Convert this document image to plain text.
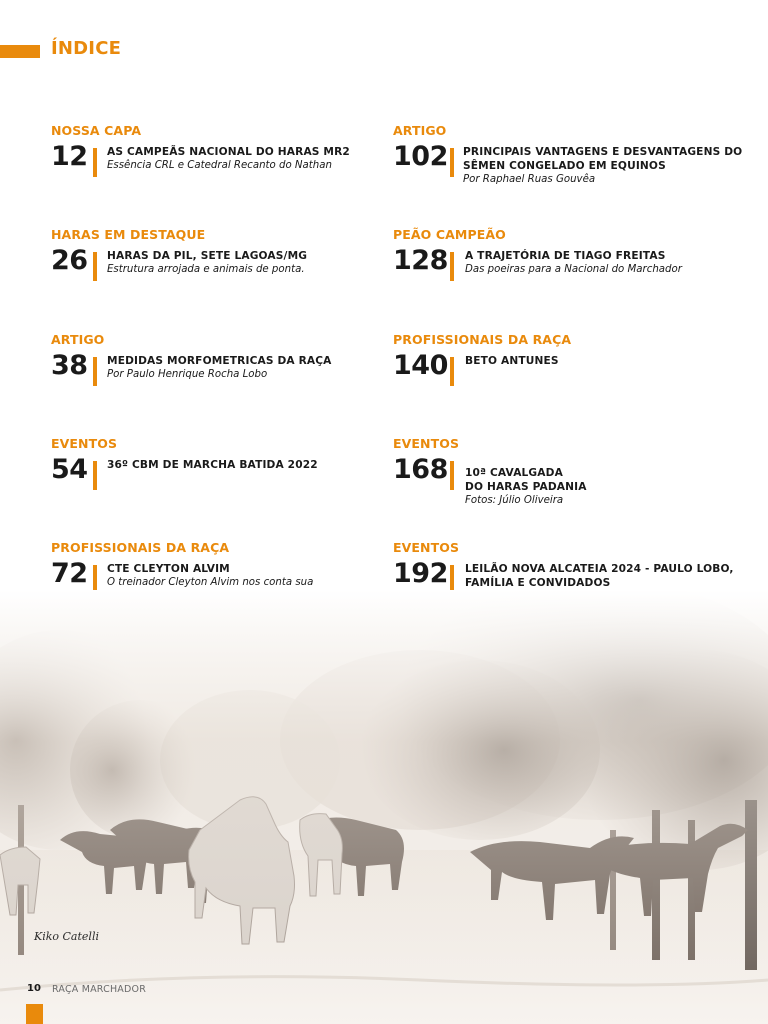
ÍNDICE
NOSSA CAPA
12 AS CAMPEÃS NACIONAL DO HARAS MR2
Essência CRL e Catedral Recanto do Nathan
HARAS EM DESTAQUE
26 HARAS DA PIL, SETE LAGOAS/MG
Estrutura arrojada e animais de ponta.
ARTIGO
38 MEDIDAS MORFOMETRICAS DA RAÇA
Por Paulo Henrique Rocha Lobo
EVENTOS
54 36º CBM DE MARCHA BATIDA 2022
PROFISSIONAIS DA RAÇA
72 CTE CLEYTON ALVIM
O treinador Cleyton Alvim nos conta sua
ARTIGO
102 PRINCIPAIS VANTAGENS E DESVANTAGENS DO
SÊMEN CONGELADO EM EQUINOS
Por Raphael Ruas Gouvêa
PEÃO CAMPEÃO
128 A TRAJETÓRIA DE TIAGO FREITAS
Das poeiras para a Nacional do Marchador
PROFISSIONAIS DA RAÇA
140 BETO ANTUNES
EVENTOS
168 10ª CAVALGADA
DO HARAS PADANIA
Fotos: Júlio Oliveira
EVENTOS
192 LEILÃO NOVA ALCATEIA 2024 - PAULO LOBO,
FAMÍLIA E CONVIDADOS
Kiko Catelli
10 RAÇA MARCHADOR
